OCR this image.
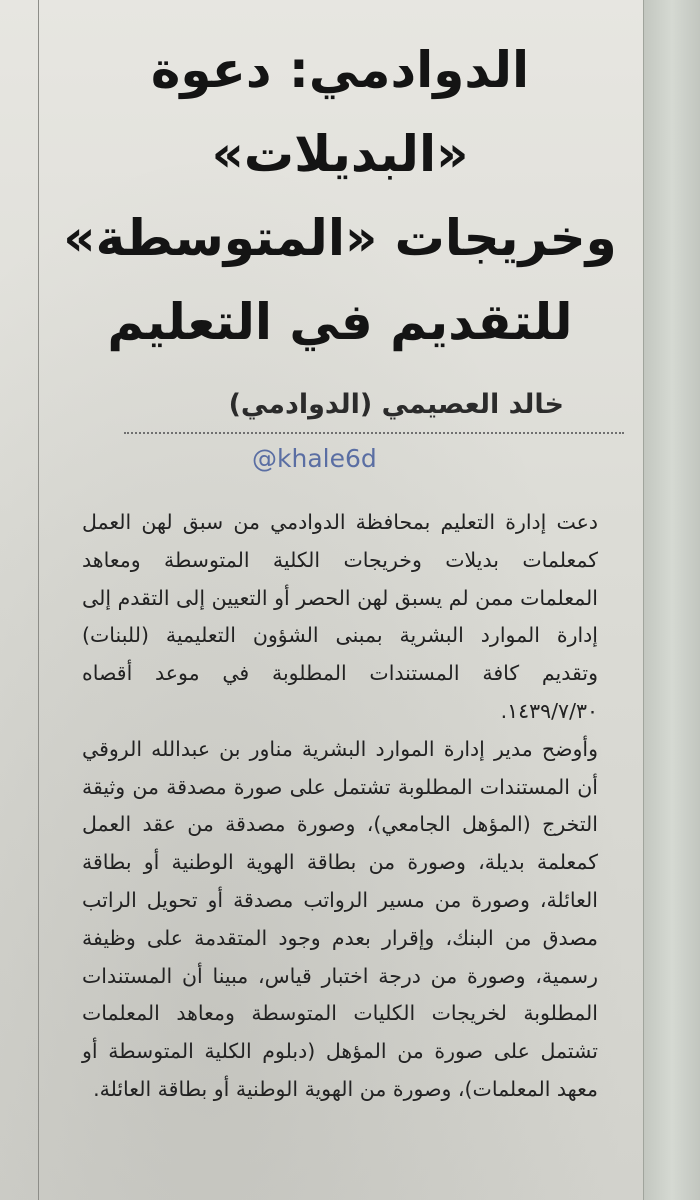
الدوادمي: دعوة «البديلات»
وخريجات «المتوسطة»
للتقديم في التعليم
خالد العصيمي (الدوادمي)
@khale6d

دعت إدارة التعليم بمحافظة الدوادمي من سبق لهن العمل كمعلمات بديلات وخريجات الكلية المتوسطة ومعاهد المعلمات ممن لم يسبق لهن الحصر أو التعيين إلى التقدم إلى إدارة الموارد البشرية بمبنى الشؤون التعليمية (للبنات) وتقديم كافة المستندات المطلوبة في موعد أقصاه ١٤٣٩/٧/٣٠.

وأوضح مدير إدارة الموارد البشرية مناور بن عبدالله الروقي أن المستندات المطلوبة تشتمل على صورة مصدقة من وثيقة التخرج (المؤهل الجامعي)، وصورة مصدقة من عقد العمل كمعلمة بديلة، وصورة من بطاقة الهوية الوطنية أو بطاقة العائلة، وصورة من مسير الرواتب مصدقة أو تحويل الراتب مصدق من البنك، وإقرار بعدم وجود المتقدمة على وظيفة رسمية، وصورة من درجة اختبار قياس، مبينا أن المستندات المطلوبة لخريجات الكليات المتوسطة ومعاهد المعلمات تشتمل على صورة من المؤهل (دبلوم الكلية المتوسطة أو معهد المعلمات)، وصورة من الهوية الوطنية أو بطاقة العائلة.
